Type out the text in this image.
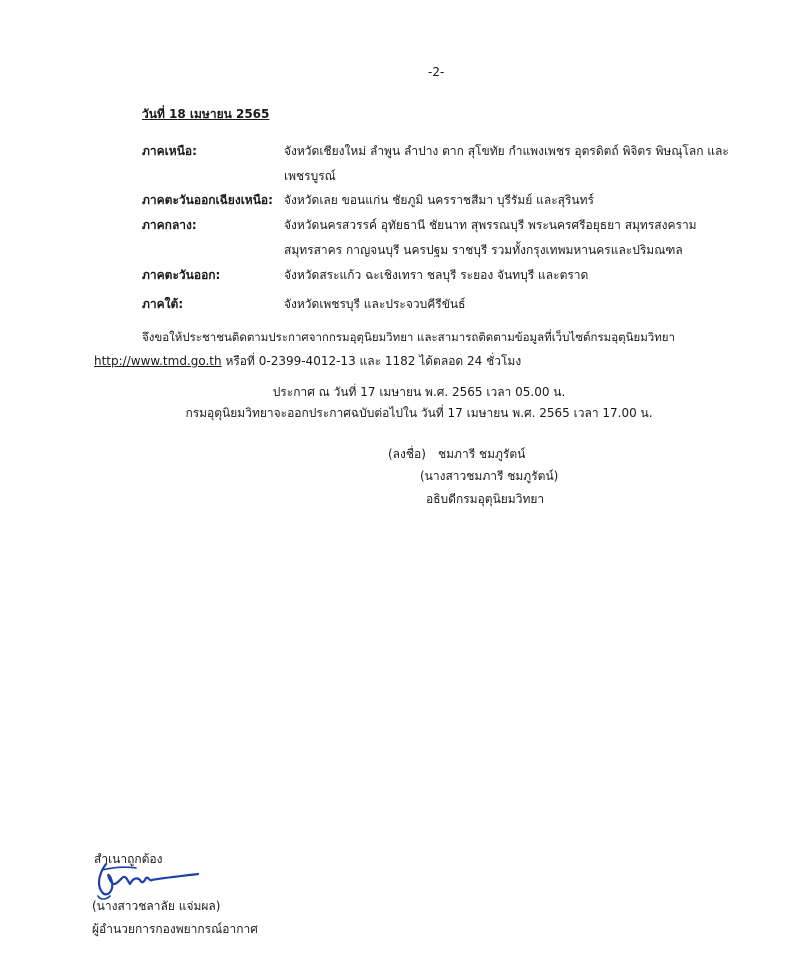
-2-
วันที่ 18 เมษายน 2565
ภาคเหนือ:	จังหวัดเชียงใหม่ ลำพูน ลำปาง ตาก สุโขทัย กำแพงเพชร อุตรดิตถ์ พิจิตร พิษณุโลก และ
เพชรบูรณ์
ภาคตะวันออกเฉียงเหนือ: จังหวัดเลย ขอนแก่น ชัยภูมิ นครราชสีมา บุรีรัมย์ และสุรินทร์
ภาคกลาง:	จังหวัดนครสวรรค์ อุทัยธานี ชัยนาท สุพรรณบุรี พระนครศรีอยุธยา สมุทรสงคราม
สมุทรสาคร กาญจนบุรี นครปฐม ราชบุรี รวมทั้งกรุงเทพมหานครและปริมณฑล
ภาคตะวันออก:	จังหวัดสระแก้ว ฉะเชิงเทรา ชลบุรี ระยอง จันทบุรี และตราด
ภาคใต้:	จังหวัดเพชรบุรี และประจวบคีรีขันธ์
จึงขอให้ประชาชนติดตามประกาศจากกรมอุตุนิยมวิทยา และสามารถติดตามข้อมูลที่เว็บไซต์กรมอุตุนิยมวิทยา
http://www.tmd.go.th หรือที่ 0-2399-4012-13 และ 1182 ได้ตลอด 24 ชั่วโมง
ประกาศ ณ วันที่ 17 เมษายน พ.ศ. 2565 เวลา 05.00 น.
กรมอุตุนิยมวิทยาจะออกประกาศฉบับต่อไปใน วันที่ 17 เมษายน พ.ศ. 2565 เวลา 17.00 น.
(ลงชื่อ) ชมภารี ชมภูรัตน์
(นางสาวชมภารี ชมภูรัตน์)
อธิบดีกรมอุตุนิยมวิทยา
สำเนาถูกต้อง
(นางสาวชลาลัย แจ่มผล)
ผู้อำนวยการกองพยากรณ์อากาศ
